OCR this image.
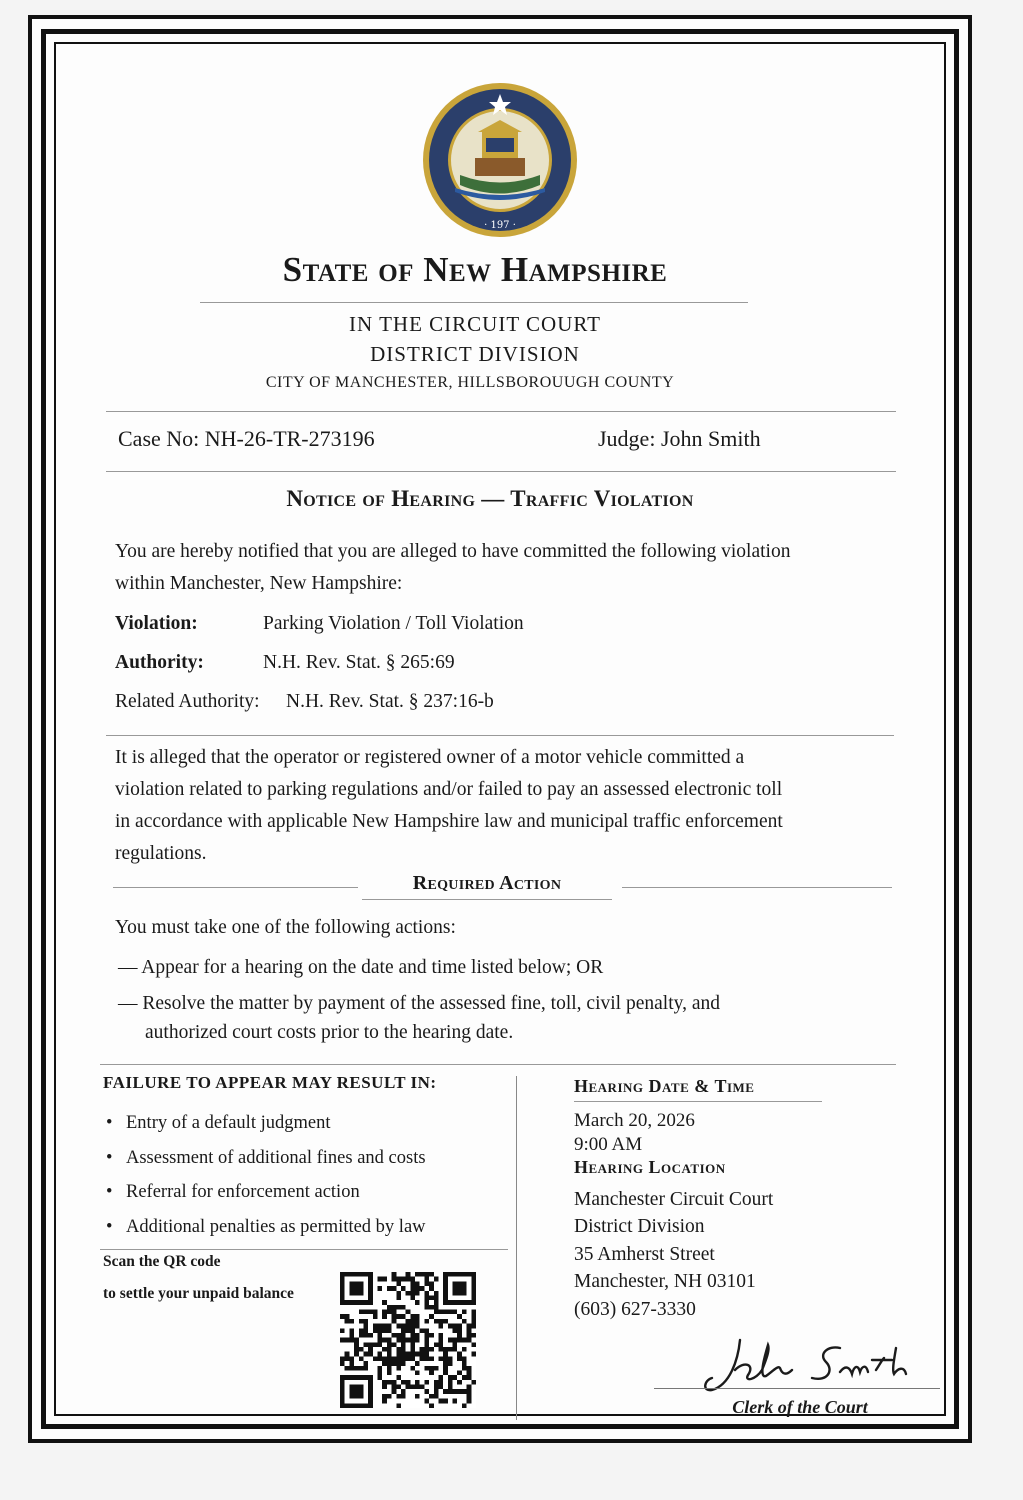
· 197 ·
State of New Hampshire
IN THE CIRCUIT COURT
DISTRICT DIVISION
CITY OF MANCHESTER, HILLSBOROUUGH COUNTY
Case No: NH-26-TR-273196	Judge: John Smith
Notice of Hearing — Traffic Violation
You are hereby notified that you are alleged to have committed the following violation
within Manchester, New Hampshire:
Violation:	Parking Violation / Toll Violation
Authority:	N.H. Rev. Stat. § 265:69
Related Authority: N.H. Rev. Stat. § 237:16-b
It is alleged that the operator or registered owner of a motor vehicle committed a
violation related to parking regulations and/or failed to pay an assessed electronic toll
in accordance with applicable New Hampshire law and municipal traffic enforcement
regulations.
Required Action
You must take one of the following actions:
— Appear for a hearing on the date and time listed below; OR
— Resolve the matter by payment of the assessed fine, toll, civil penalty, and
authorized court costs prior to the hearing date.
FAILURE TO APPEAR MAY RESULT IN:
• Entry of a default judgment
• Assessment of additional fines and costs
• Referral for enforcement action
• Additional penalties as permitted by law
Scan the QR code
to settle your unpaid balance
Hearing Date & Time
March 20, 2026
9:00 AM
Hearing Location
Manchester Circuit Court
District Division
35 Amherst Street
Manchester, NH 03101
(603) 627-3330
Clerk of the Court
